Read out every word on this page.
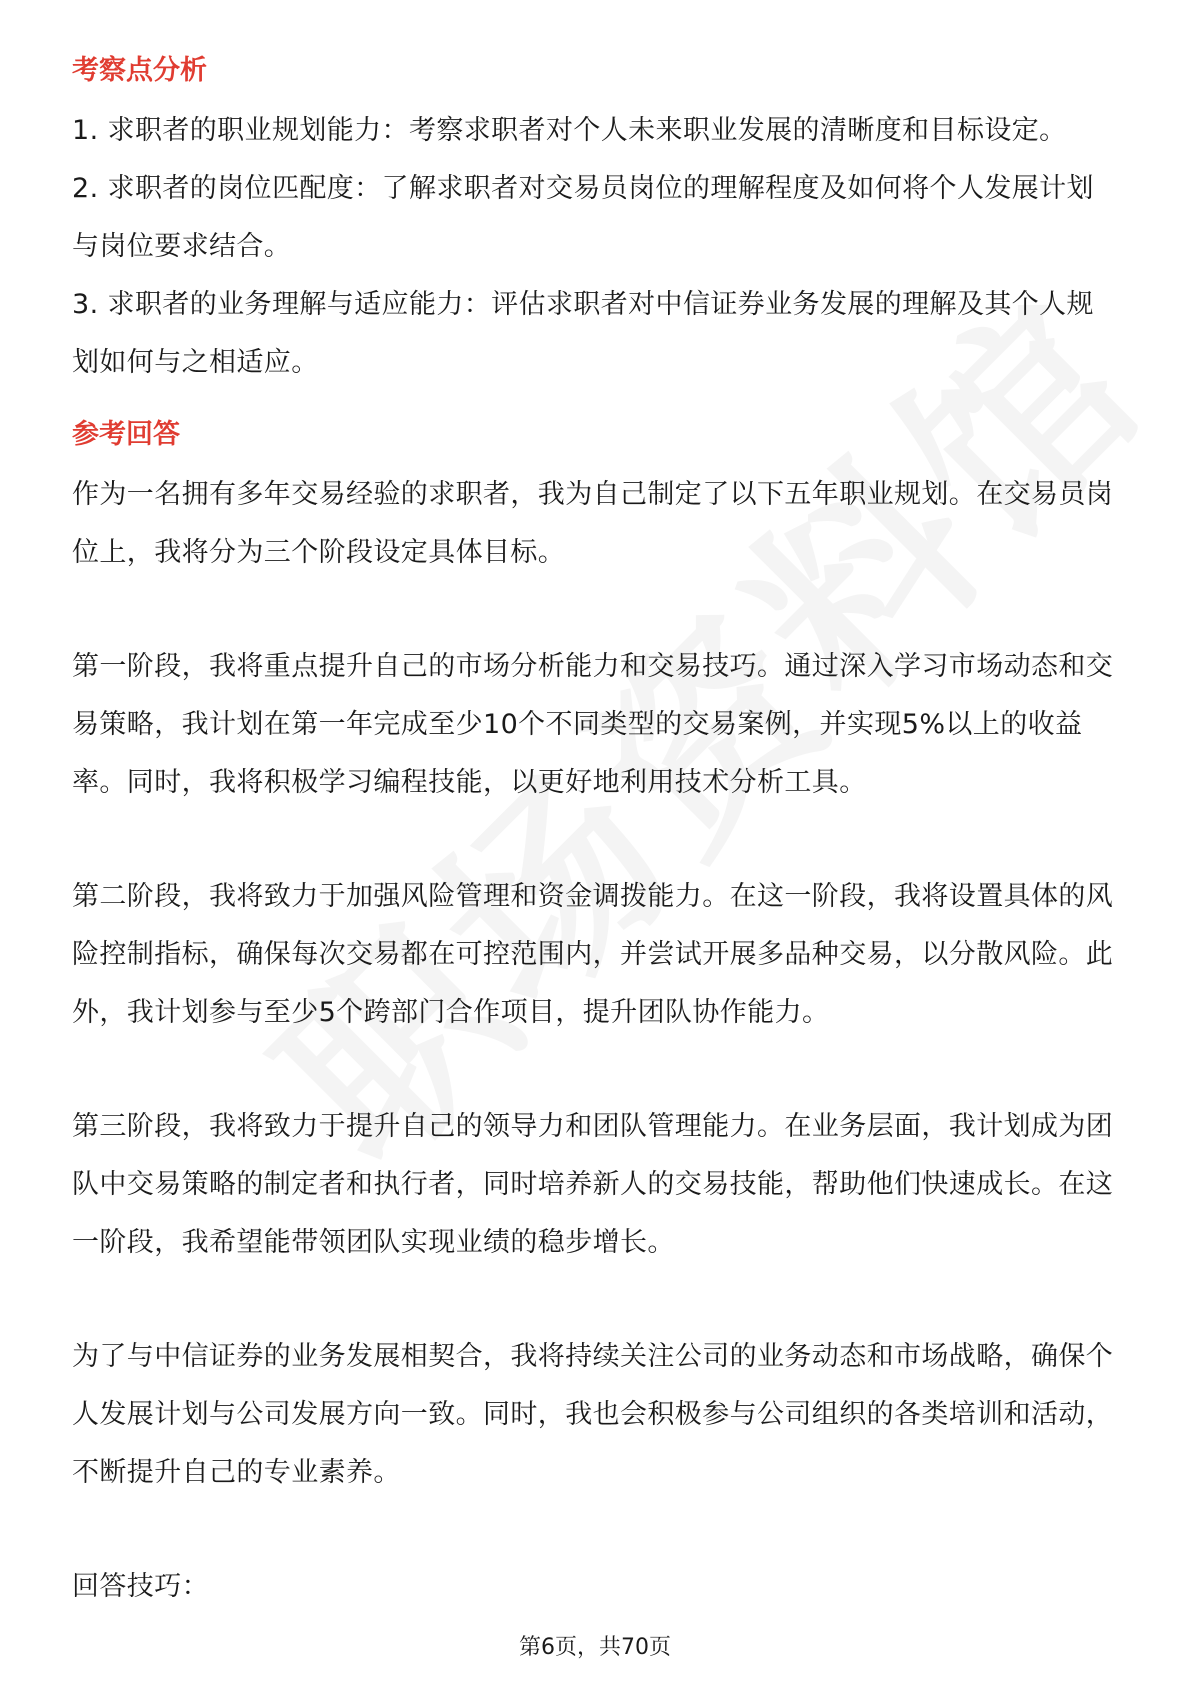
考察点分析

1. 求职者的职业规划能力：考察求职者对个人未来职业发展的清晰度和目标设定。

2. 求职者的岗位匹配度：了解求职者对交易员岗位的理解程度及如何将个人发展计划与岗位要求结合。

3. 求职者的业务理解与适应能力：评估求职者对中信证券业务发展的理解及其个人规划如何与之相适应。

参考回答

作为一名拥有多年交易经验的求职者，我为自己制定了以下五年职业规划。在交易员岗位上，我将分为三个阶段设定具体目标。

第一阶段，我将重点提升自己的市场分析能力和交易技巧。通过深入学习市场动态和交易策略，我计划在第一年完成至少10个不同类型的交易案例，并实现5%以上的收益率。同时，我将积极学习编程技能，以更好地利用技术分析工具。

第二阶段，我将致力于加强风险管理和资金调拨能力。在这一阶段，我将设置具体的风险控制指标，确保每次交易都在可控范围内，并尝试开展多品种交易，以分散风险。此外，我计划参与至少5个跨部门合作项目，提升团队协作能力。

第三阶段，我将致力于提升自己的领导力和团队管理能力。在业务层面，我计划成为团队中交易策略的制定者和执行者，同时培养新人的交易技能，帮助他们快速成长。在这一阶段，我希望能带领团队实现业绩的稳步增长。

为了与中信证券的业务发展相契合，我将持续关注公司的业务动态和市场战略，确保个人发展计划与公司发展方向一致。同时，我也会积极参与公司组织的各类培训和活动，不断提升自己的专业素养。

回答技巧：

第6页，共70页
